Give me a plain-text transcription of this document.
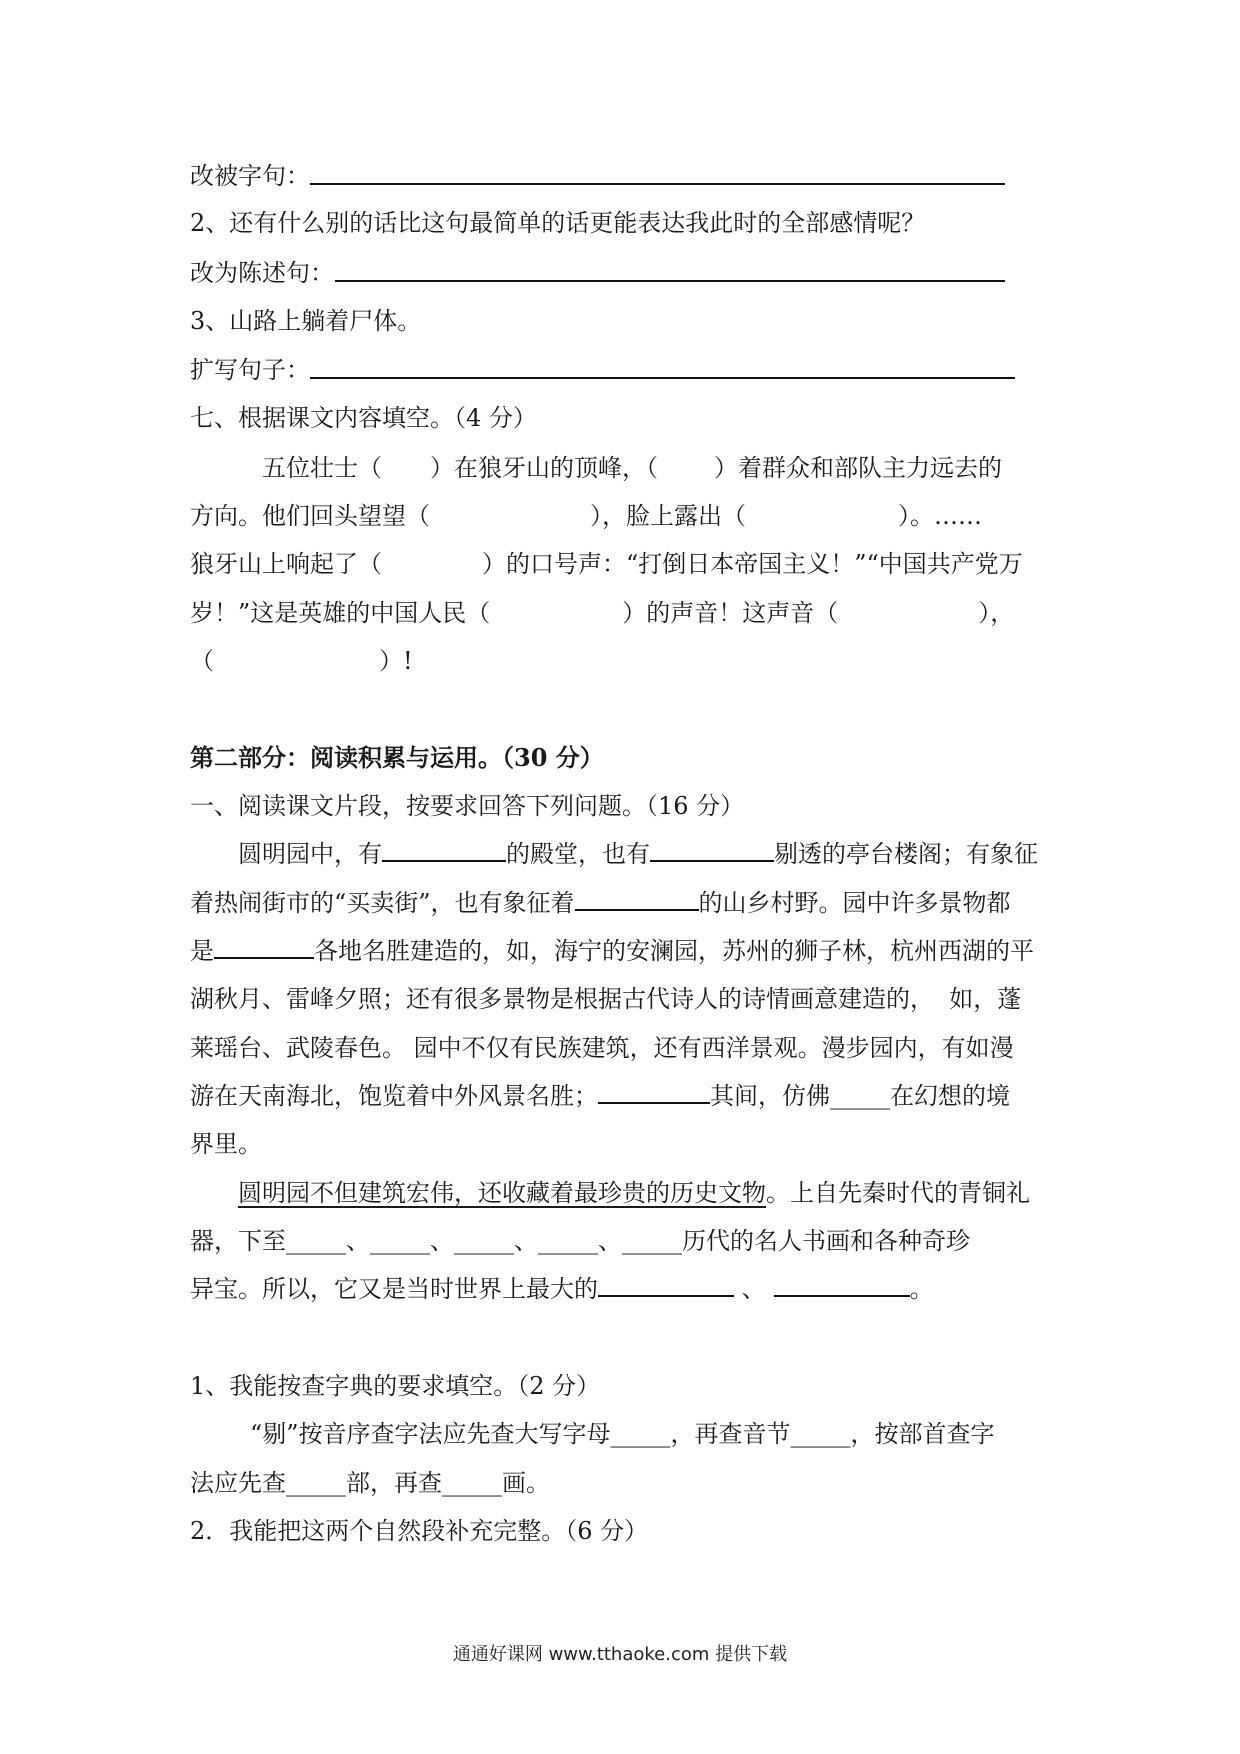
改被字句：
2、还有什么别的话比这句最简单的话更能表达我此时的全部感情呢？
改为陈述句：
3、山路上躺着尸体。
扩写句子：
七、根据课文内容填空。（4 分）
五位壮士（ ）在狼牙山的顶峰，（ ）着群众和部队主力远去的
方向。他们回头望望（	），脸上露出（	）。……
狼牙山上响起了（	）的口号声：“打倒日本帝国主义！”“中国共产党万
岁！”这是英雄的中国人民（	）的声音！这声音（	），
（	）!
第二部分：阅读积累与运用。（30 分）
一、阅读课文片段，按要求回答下列问题。（16 分）
圆明园中，有	的殿堂，也有	剔透的亭台楼阁；有象征
着热闹街市的“买卖街”，也有象征着	的山乡村野。园中许多景物都
是	各地名胜建造的，如，海宁的安澜园，苏州的狮子林，杭州西湖的平
湖秋月、雷峰夕照；还有很多景物是根据古代诗人的诗情画意建造的，  如，蓬
莱瑶台、武陵春色。 园中不仅有民族建筑，还有西洋景观。漫步园内，有如漫
游在天南海北，饱览着中外风景名胜；	其间，仿佛_____在幻想的境
界里。
圆明园不但建筑宏伟，还收藏着最珍贵的历史文物。上自先秦时代的青铜礼
器，下至_____、_____、_____、_____、_____历代的名人书画和各种奇珍
异宝。所以，它又是当时世界上最大的	、	。
1、我能按查字典的要求填空。（2 分）
“剔”按音序查字法应先查大写字母_____，再查音节_____，按部首查字
法应先查_____部，再查_____画。
2．我能把这两个自然段补充完整。（6 分）
通通好课网 www.tthaoke.com 提供下载
